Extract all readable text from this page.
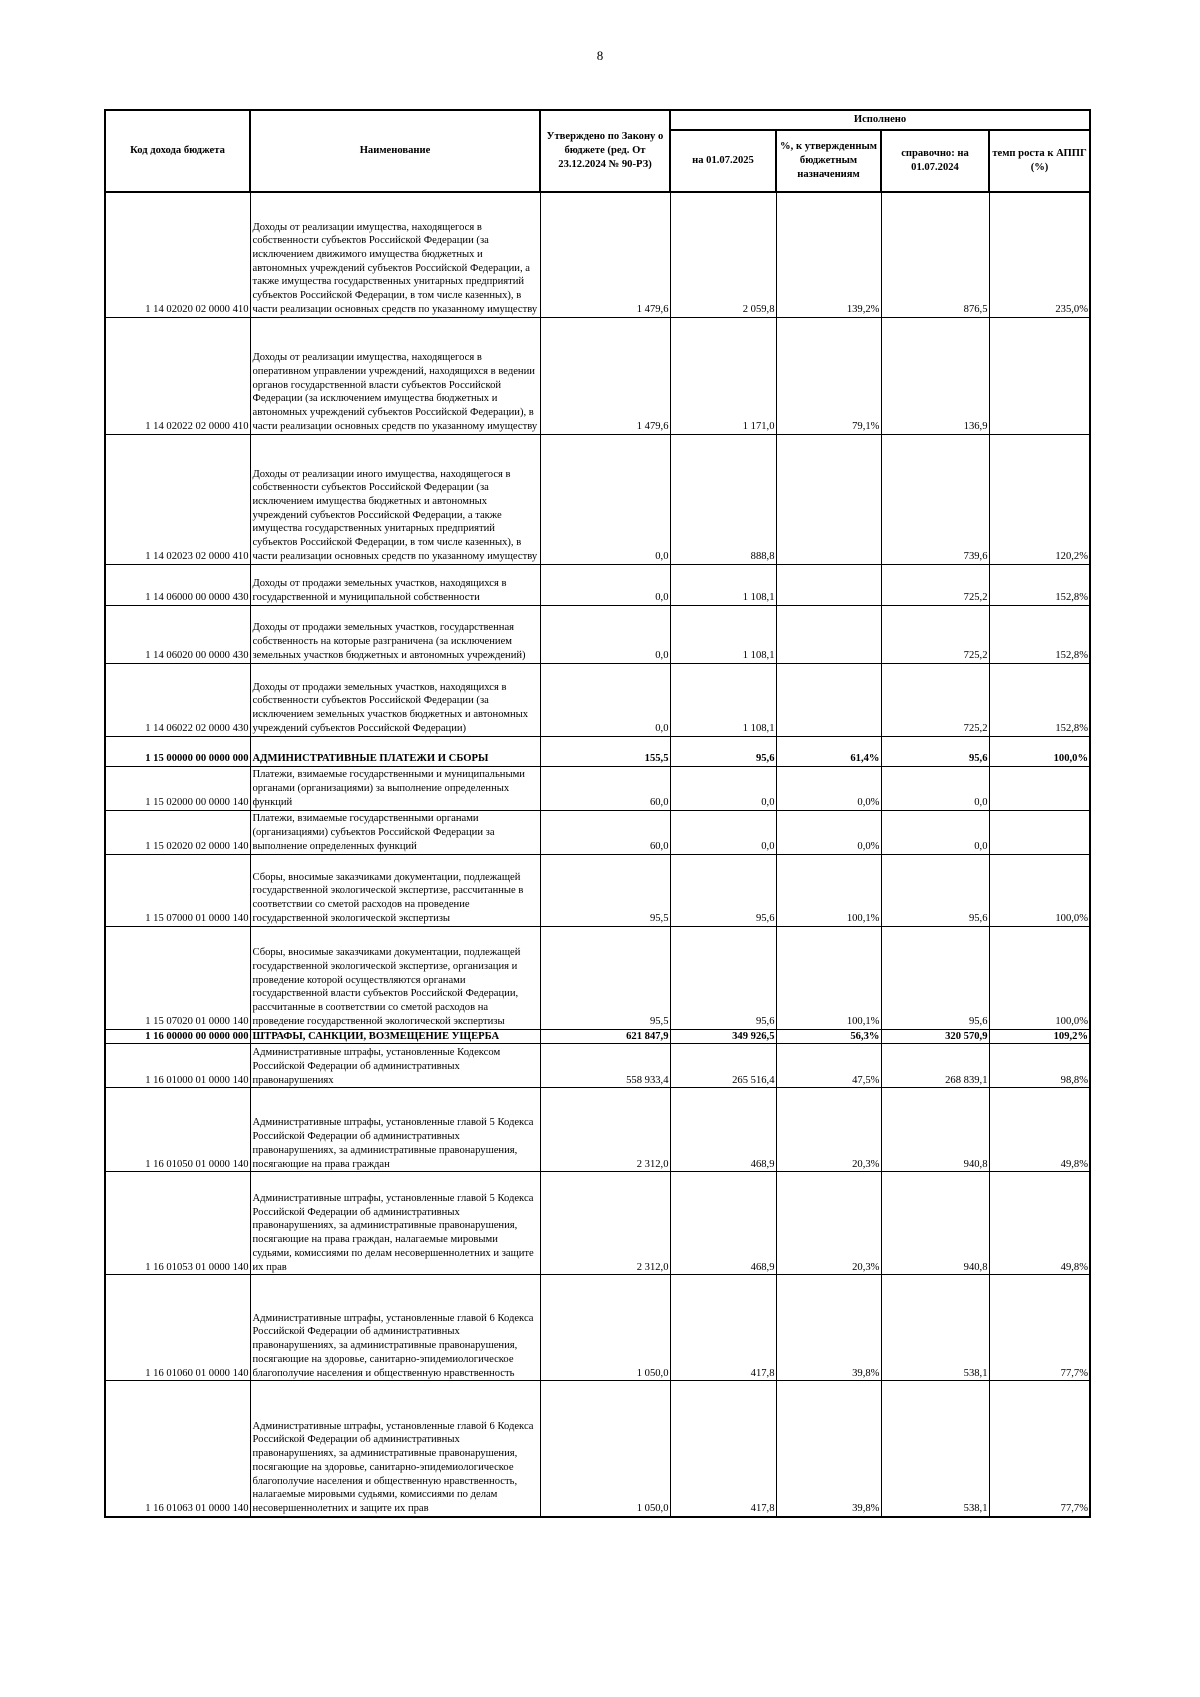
8
Код дохода бюджета	Наименование	Утверждено по Закону о бюджете (ред. От 23.12.2024 № 90-РЗ)	Исполнено			
			на 01.07.2025	%, к утвержденным бюджетным назначениям	справочно: на 01.07.2024	темп роста к АППГ (%)
1 14 02020 02 0000 410	Доходы от реализации имущества, находящегося в собственности субъектов Российской Федерации (за исключением движимого имущества бюджетных и автономных учреждений субъектов Российской Федерации, а также имущества государственных унитарных предприятий субъектов Российской Федерации, в том числе казенных), в части реализации основных средств по указанному имуществу	1 479,6	2 059,8	139,2%	876,5	235,0%
1 14 02022 02 0000 410	Доходы от реализации имущества, находящегося в оперативном управлении учреждений, находящихся в ведении органов государственной власти субъектов Российской Федерации (за исключением имущества бюджетных и автономных учреждений субъектов Российской Федерации), в части реализации основных средств по указанному имуществу	1 479,6	1 171,0	79,1%	136,9	
1 14 02023 02 0000 410	Доходы от реализации иного имущества, находящегося в собственности субъектов Российской Федерации (за исключением имущества бюджетных и автономных учреждений субъектов Российской Федерации, а также имущества государственных унитарных предприятий субъектов Российской Федерации, в том числе казенных), в части реализации основных средств по указанному имуществу	0,0	888,8		739,6	120,2%
1 14 06000 00 0000 430	Доходы от продажи земельных участков, находящихся в государственной и муниципальной собственности	0,0	1 108,1		725,2	152,8%
1 14 06020 00 0000 430	Доходы от продажи земельных участков, государственная собственность на которые разграничена (за исключением земельных участков бюджетных и автономных учреждений)	0,0	1 108,1		725,2	152,8%
1 14 06022 02 0000 430	Доходы от продажи земельных участков, находящихся в собственности субъектов Российской Федерации (за исключением земельных участков бюджетных и автономных учреждений субъектов Российской Федерации)	0,0	1 108,1		725,2	152,8%
1 15 00000 00 0000 000	АДМИНИСТРАТИВНЫЕ ПЛАТЕЖИ И СБОРЫ	155,5	95,6	61,4%	95,6	100,0%
1 15 02000 00 0000 140	Платежи, взимаемые государственными и муниципальными органами (организациями) за выполнение определенных функций	60,0	0,0	0,0%	0,0	
1 15 02020 02 0000 140	Платежи, взимаемые государственными органами (организациями) субъектов Российской Федерации за выполнение определенных функций	60,0	0,0	0,0%	0,0	
1 15 07000 01 0000 140	Сборы, вносимые заказчиками документации, подлежащей государственной экологической экспертизе, рассчитанные в соответствии со сметой расходов на проведение государственной экологической экспертизы	95,5	95,6	100,1%	95,6	100,0%
1 15 07020 01 0000 140	Сборы, вносимые заказчиками документации, подлежащей государственной экологической экспертизе, организация и проведение которой осуществляются органами государственной власти субъектов Российской Федерации, рассчитанные в соответствии со сметой расходов на проведение государственной экологической экспертизы	95,5	95,6	100,1%	95,6	100,0%
1 16 00000 00 0000 000	ШТРАФЫ, САНКЦИИ, ВОЗМЕЩЕНИЕ УЩЕРБА	621 847,9	349 926,5	56,3%	320 570,9	109,2%
1 16 01000 01 0000 140	Административные штрафы, установленные Кодексом Российской Федерации об административных правонарушениях	558 933,4	265 516,4	47,5%	268 839,1	98,8%
1 16 01050 01 0000 140	Административные штрафы, установленные главой 5 Кодекса Российской Федерации об административных правонарушениях, за административные правонарушения, посягающие на права граждан	2 312,0	468,9	20,3%	940,8	49,8%
1 16 01053 01 0000 140	Административные штрафы, установленные главой 5 Кодекса Российской Федерации об административных правонарушениях, за административные правонарушения, посягающие на права граждан, налагаемые мировыми судьями, комиссиями по делам несовершеннолетних и защите их прав	2 312,0	468,9	20,3%	940,8	49,8%
1 16 01060 01 0000 140	Административные штрафы, установленные главой 6 Кодекса Российской Федерации об административных правонарушениях, за административные правонарушения, посягающие на здоровье, санитарно-эпидемиологическое благополучие населения и общественную нравственность	1 050,0	417,8	39,8%	538,1	77,7%
1 16 01063 01 0000 140	Административные штрафы, установленные главой 6 Кодекса Российской Федерации об административных правонарушениях, за административные правонарушения, посягающие на здоровье, санитарно-эпидемиологическое благополучие населения и общественную нравственность, налагаемые мировыми судьями, комиссиями по делам несовершеннолетних и защите их прав	1 050,0	417,8	39,8%	538,1	77,7%
